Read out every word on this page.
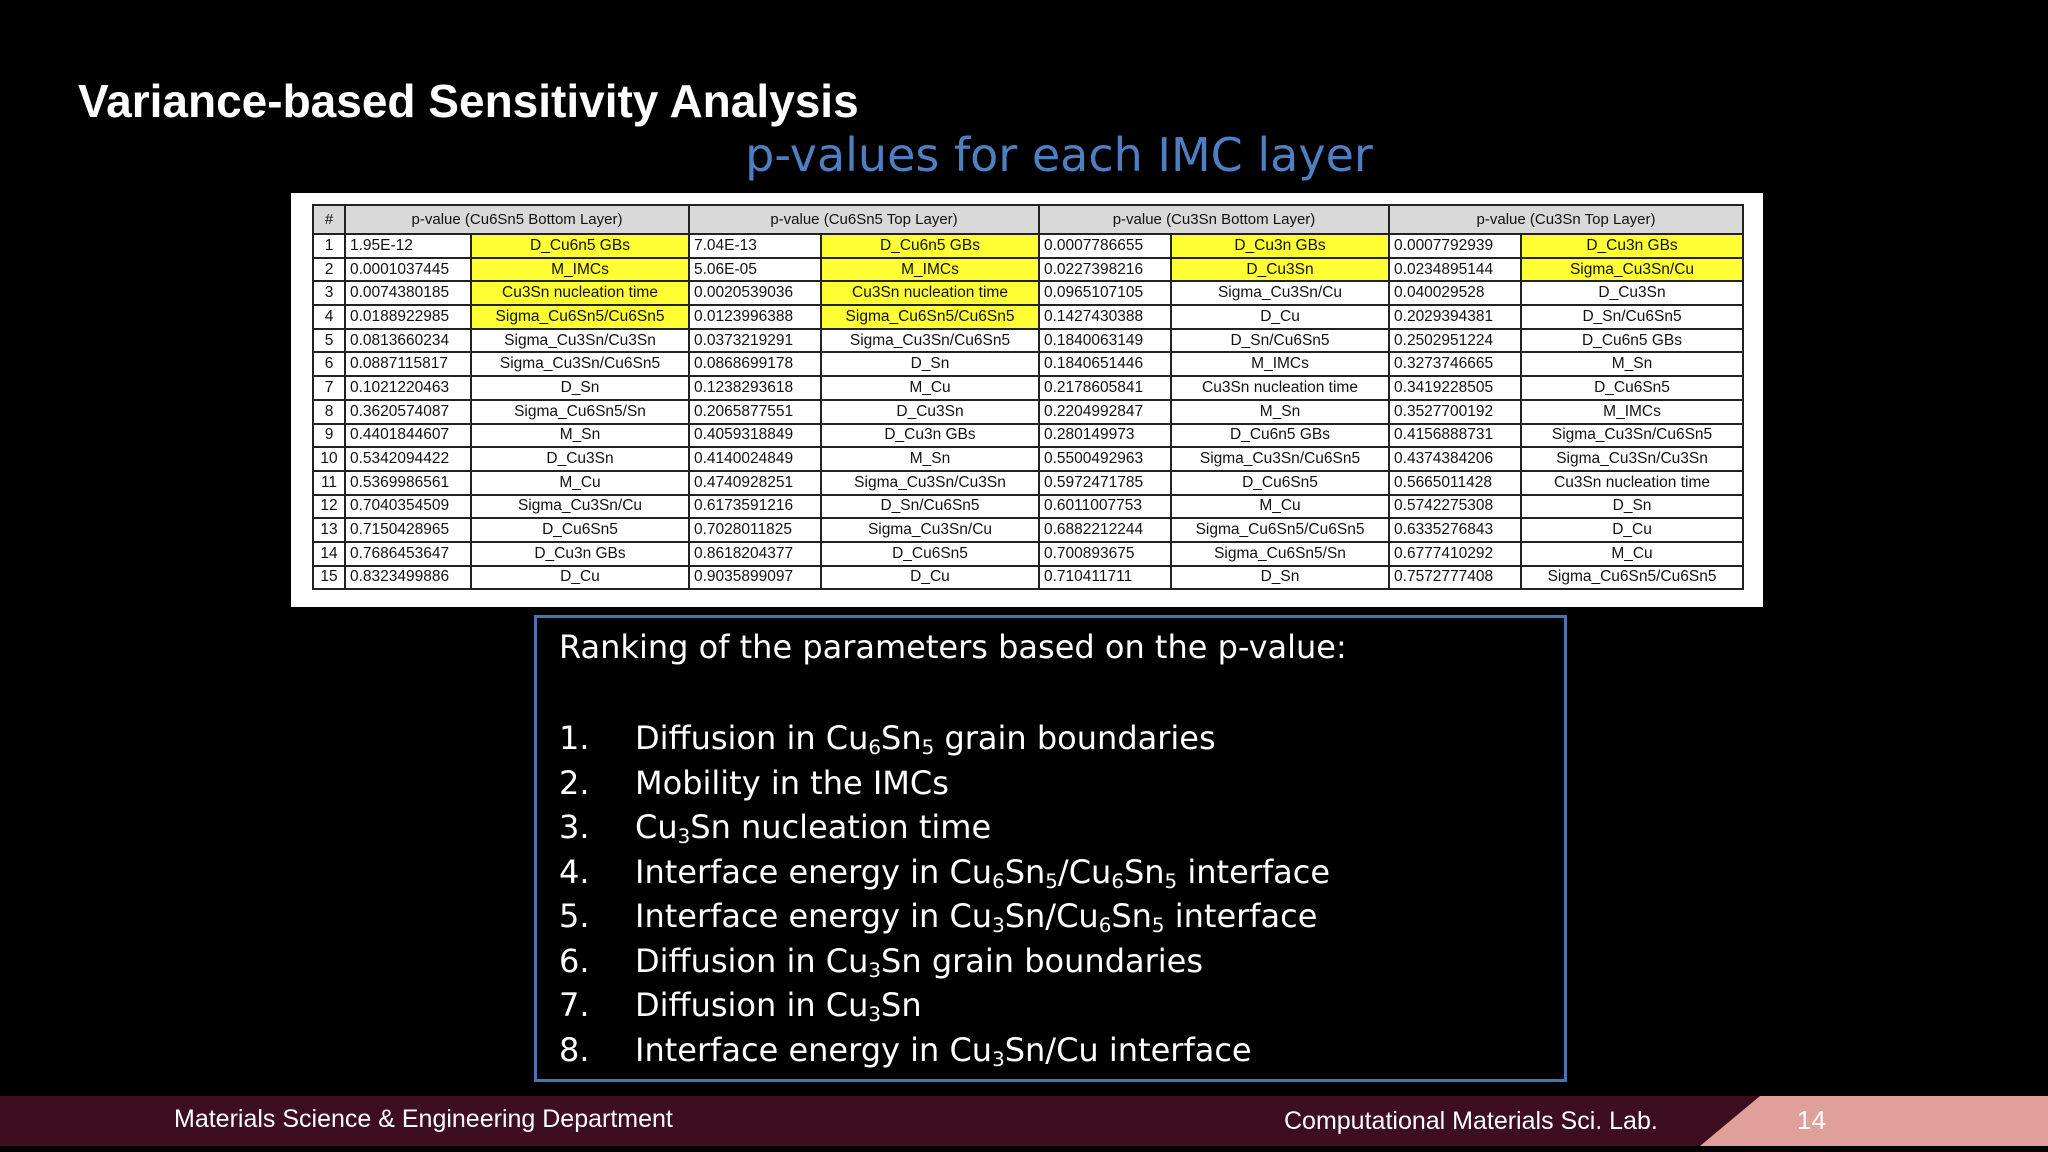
Variance-based Sensitivity Analysis
p-values for each IMC layer
#	p-value (Cu6Sn5 Bottom Layer)		p-value (Cu6Sn5 Top Layer)		p-value (Cu3Sn Bottom Layer)		p-value (Cu3Sn Top Layer)	
1	1.95E-12	D_Cu6n5 GBs	7.04E-13	D_Cu6n5 GBs	0.0007786655	D_Cu3n GBs	0.0007792939	D_Cu3n GBs
2	0.0001037445	M_IMCs	5.06E-05	M_IMCs	0.0227398216	D_Cu3Sn	0.0234895144	Sigma_Cu3Sn/Cu
3	0.0074380185	Cu3Sn nucleation time	0.0020539036	Cu3Sn nucleation time	0.0965107105	Sigma_Cu3Sn/Cu	0.040029528	D_Cu3Sn
4	0.0188922985	Sigma_Cu6Sn5/Cu6Sn5	0.0123996388	Sigma_Cu6Sn5/Cu6Sn5	0.1427430388	D_Cu	0.2029394381	D_Sn/Cu6Sn5
5	0.0813660234	Sigma_Cu3Sn/Cu3Sn	0.0373219291	Sigma_Cu3Sn/Cu6Sn5	0.1840063149	D_Sn/Cu6Sn5	0.2502951224	D_Cu6n5 GBs
6	0.0887115817	Sigma_Cu3Sn/Cu6Sn5	0.0868699178	D_Sn	0.1840651446	M_IMCs	0.3273746665	M_Sn
7	0.1021220463	D_Sn	0.1238293618	M_Cu	0.2178605841	Cu3Sn nucleation time	0.3419228505	D_Cu6Sn5
8	0.3620574087	Sigma_Cu6Sn5/Sn	0.2065877551	D_Cu3Sn	0.2204992847	M_Sn	0.3527700192	M_IMCs
9	0.4401844607	M_Sn	0.4059318849	D_Cu3n GBs	0.280149973	D_Cu6n5 GBs	0.4156888731	Sigma_Cu3Sn/Cu6Sn5
10	0.5342094422	D_Cu3Sn	0.4140024849	M_Sn	0.5500492963	Sigma_Cu3Sn/Cu6Sn5	0.4374384206	Sigma_Cu3Sn/Cu3Sn
11	0.5369986561	M_Cu	0.4740928251	Sigma_Cu3Sn/Cu3Sn	0.5972471785	D_Cu6Sn5	0.5665011428	Cu3Sn nucleation time
12	0.7040354509	Sigma_Cu3Sn/Cu	0.6173591216	D_Sn/Cu6Sn5	0.6011007753	M_Cu	0.5742275308	D_Sn
13	0.7150428965	D_Cu6Sn5	0.7028011825	Sigma_Cu3Sn/Cu	0.6882212244	Sigma_Cu6Sn5/Cu6Sn5	0.6335276843	D_Cu
14	0.7686453647	D_Cu3n GBs	0.8618204377	D_Cu6Sn5	0.700893675	Sigma_Cu6Sn5/Sn	0.6777410292	M_Cu
15	0.8323499886	D_Cu	0.9035899097	D_Cu	0.710411711	D_Sn	0.7572777408	Sigma_Cu6Sn5/Cu6Sn5
Ranking of the parameters based on the p-value:
1.	Diffusion in $Cu_6Sn_5$ grain boundaries
2.	Mobility in the IMCs
3.	$Cu_3Sn$ nucleation time
4.	Interface energy in $Cu_6Sn_5/Cu_6Sn_5$ interface
5.	Interface energy in $Cu_3Sn/Cu_6Sn_5$ interface
6.	Diffusion in $Cu_3Sn$ grain boundaries
7.	Diffusion in $Cu_3Sn$
8.	Interface energy in $Cu_3Sn/Cu$ interface
Materials Science & Engineering Department	Computational Materials Sci. Lab.	14
